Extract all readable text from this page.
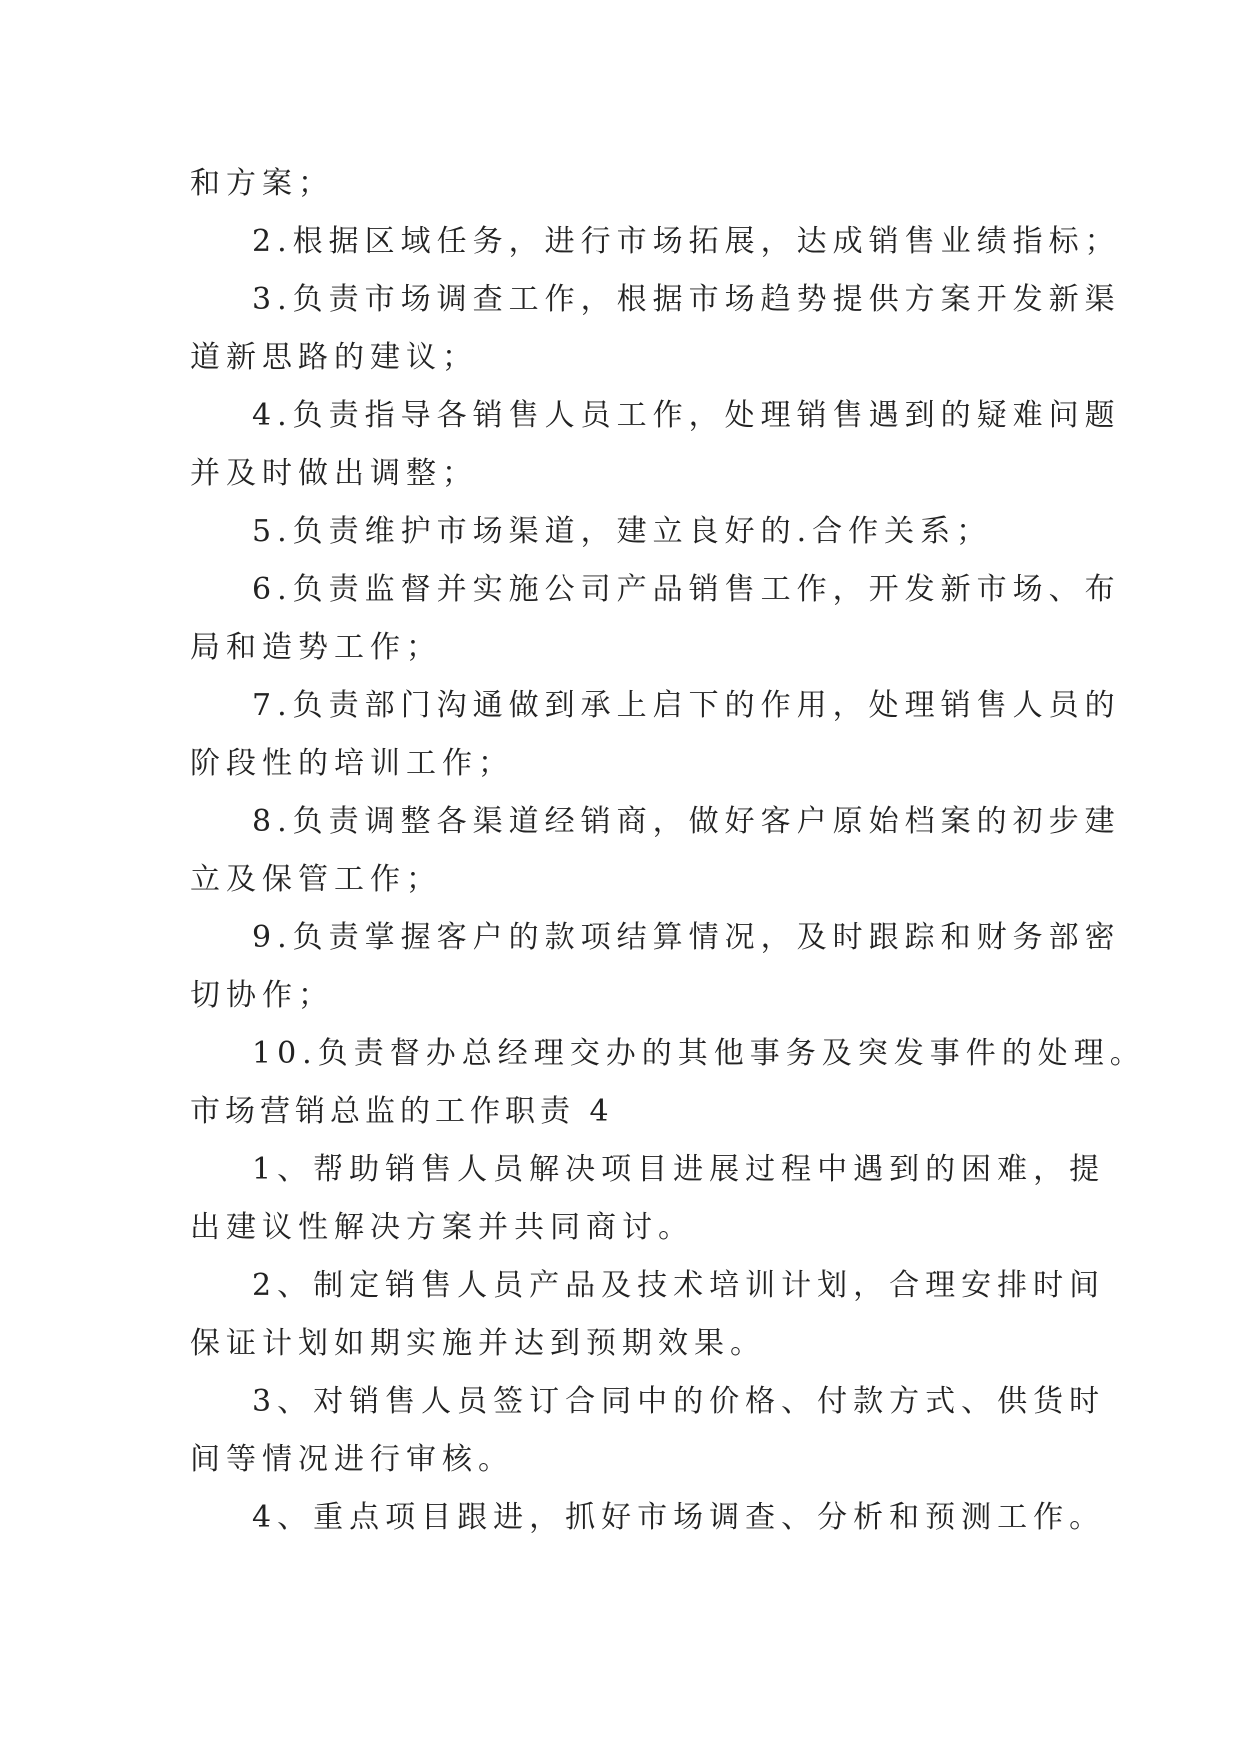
和方案；
2.根据区域任务，进行市场拓展，达成销售业绩指标；
3.负责市场调查工作，根据市场趋势提供方案开发新渠
道新思路的建议；
4.负责指导各销售人员工作，处理销售遇到的疑难问题
并及时做出调整；
5.负责维护市场渠道，建立良好的.合作关系；
6.负责监督并实施公司产品销售工作，开发新市场、布
局和造势工作；
7.负责部门沟通做到承上启下的作用，处理销售人员的
阶段性的培训工作；
8.负责调整各渠道经销商，做好客户原始档案的初步建
立及保管工作；
9.负责掌握客户的款项结算情况，及时跟踪和财务部密
切协作；
10.负责督办总经理交办的其他事务及突发事件的处理。
市场营销总监的工作职责 4
1、帮助销售人员解决项目进展过程中遇到的困难，提
出建议性解决方案并共同商讨。
2、制定销售人员产品及技术培训计划，合理安排时间
保证计划如期实施并达到预期效果。
3、对销售人员签订合同中的价格、付款方式、供货时
间等情况进行审核。
4、重点项目跟进，抓好市场调查、分析和预测工作。
